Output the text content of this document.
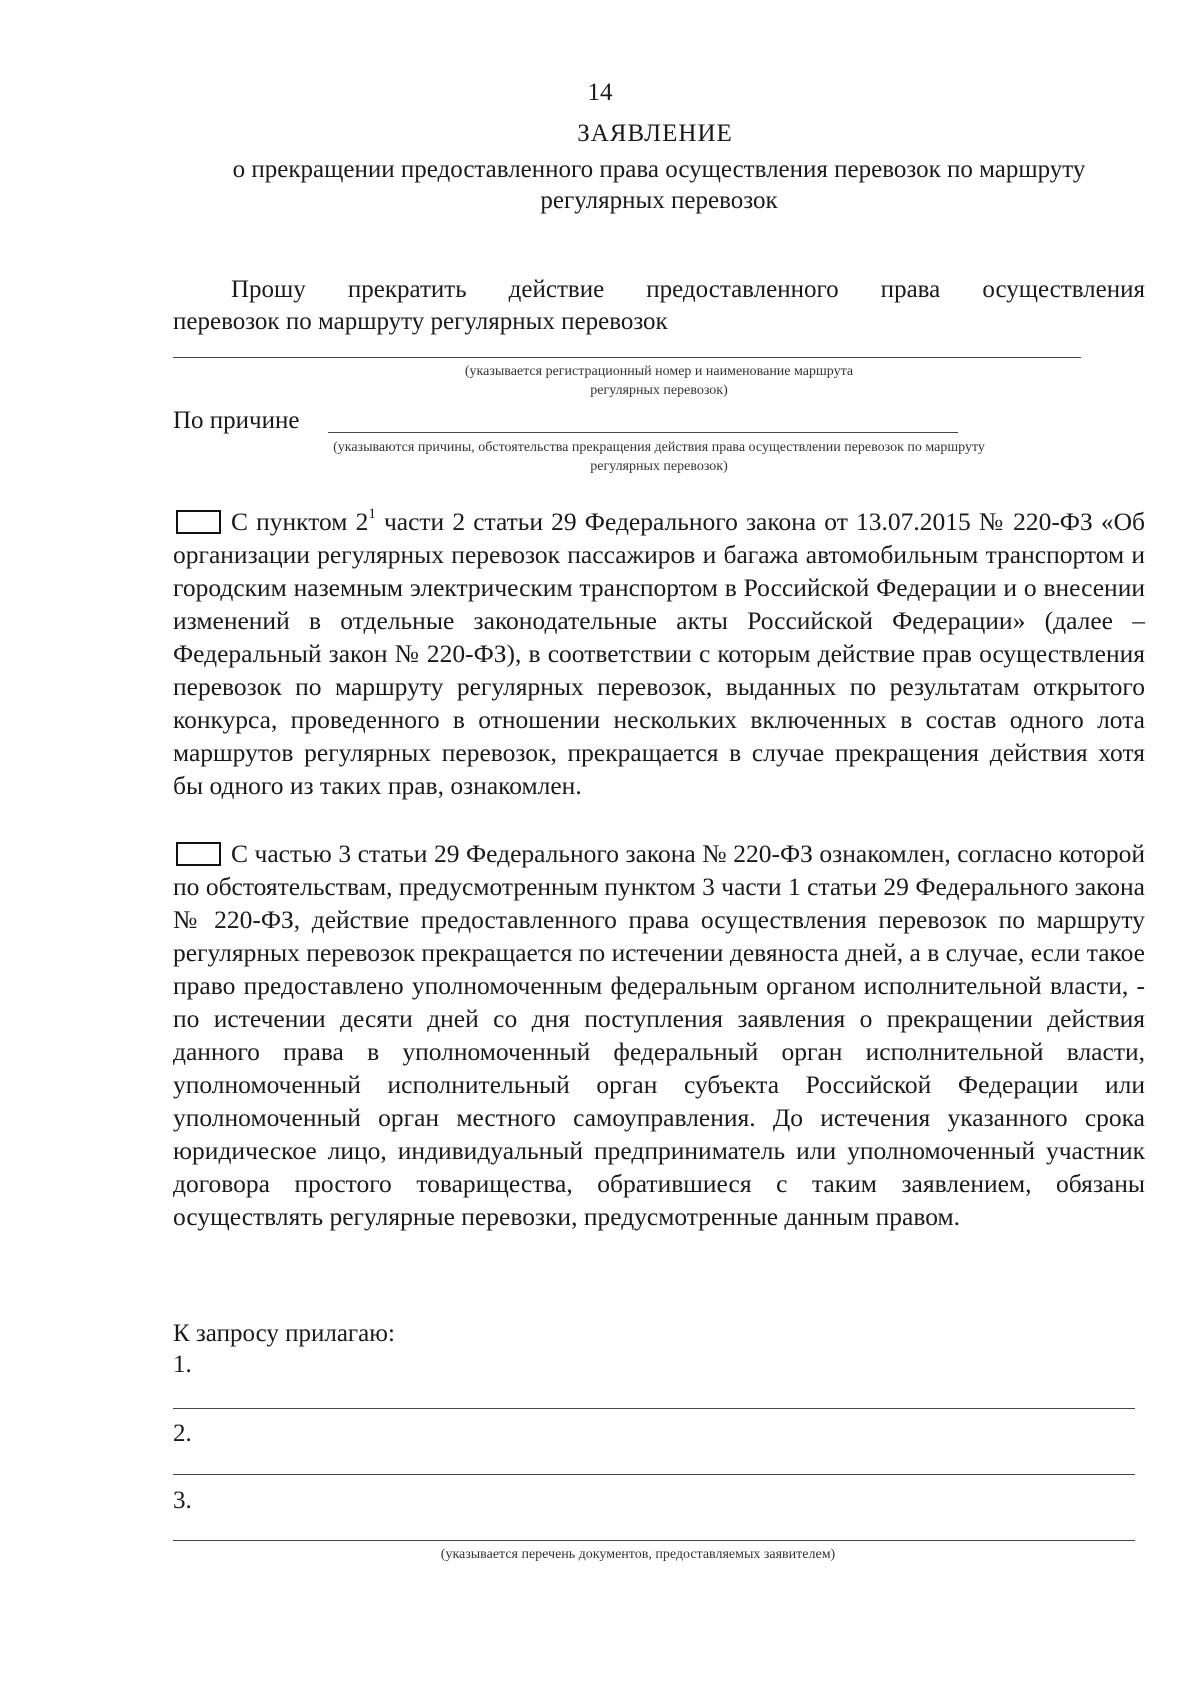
14
ЗАЯВЛЕНИЕ
о прекращении предоставленного права осуществления перевозок по маршруту
регулярных перевозок
Прошу прекратить действие предоставленного права осуществления
перевозок по маршруту регулярных перевозок
(указывается регистрационный номер и наименование маршрута
регулярных перевозок)
По причине
(указываются причины, обстоятельства прекращения действия права осуществлении перевозок по маршруту
регулярных перевозок)
С пунктом $2^1$ части 2 статьи 29 Федерального закона от 13.07.2015 № 220-ФЗ «Об организации регулярных перевозок пассажиров и багажа автомобильным транспортом и городским наземным электрическим транспортом в Российской Федерации и о внесении изменений в отдельные законодательные акты Российской Федерации» (далее – Федеральный закон № 220-ФЗ), в соответствии с которым действие прав осуществления перевозок по маршруту регулярных перевозок, выданных по результатам открытого конкурса, проведенного в отношении нескольких включенных в состав одного лота маршрутов регулярных перевозок, прекращается в случае прекращения действия хотя бы одного из таких прав, ознакомлен.
С частью 3 статьи 29 Федерального закона № 220-ФЗ ознакомлен, согласно которой по обстоятельствам, предусмотренным пунктом 3 части 1 статьи 29 Федерального закона № 220-ФЗ, действие предоставленного права осуществления перевозок по маршруту регулярных перевозок прекращается по истечении девяноста дней, а в случае, если такое право предоставлено уполномоченным федеральным органом исполнительной власти, - по истечении десяти дней со дня поступления заявления о прекращении действия данного права в уполномоченный федеральный орган исполнительной власти, уполномоченный исполнительный орган субъекта Российской Федерации или уполномоченный орган местного самоуправления. До истечения указанного срока юридическое лицо, индивидуальный предприниматель или уполномоченный участник договора простого товарищества, обратившиеся с таким заявлением, обязаны осуществлять регулярные перевозки, предусмотренные данным правом.
К запросу прилагаю:
1.
2.
3.
(указывается перечень документов, предоставляемых заявителем)
